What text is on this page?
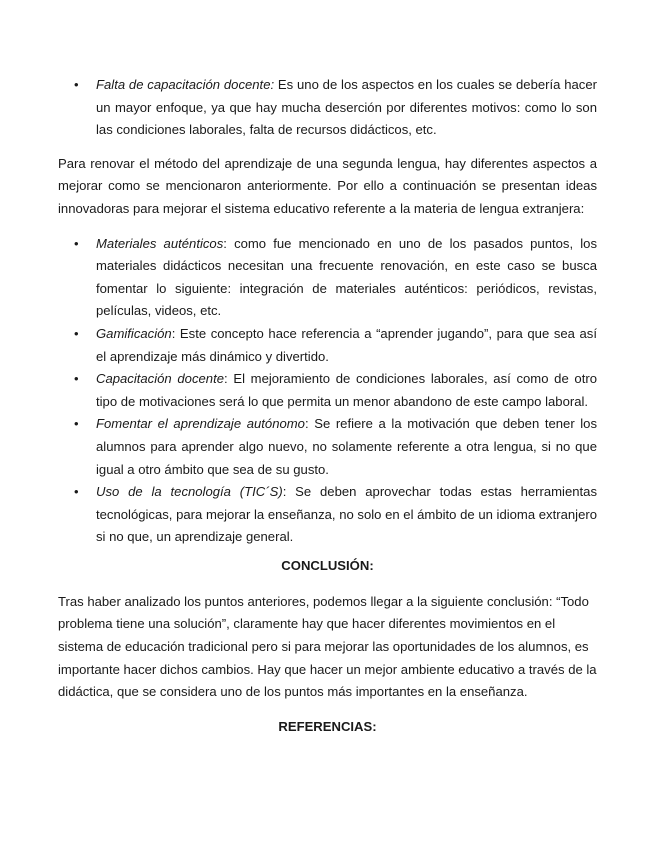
• Falta de capacitación docente: Es uno de los aspectos en los cuales se debería hacer un mayor enfoque, ya que hay mucha deserción por diferentes motivos: como lo son las condiciones laborales, falta de recursos didácticos, etc.

Para renovar el método del aprendizaje de una segunda lengua, hay diferentes aspectos a mejorar como se mencionaron anteriormente. Por ello a continuación se presentan ideas innovadoras para mejorar el sistema educativo referente a la materia de lengua extranjera:

• Materiales auténticos: como fue mencionado en uno de los pasados puntos, los materiales didácticos necesitan una frecuente renovación, en este caso se busca fomentar lo siguiente: integración de materiales auténticos: periódicos, revistas, películas, videos, etc.
• Gamificación: Este concepto hace referencia a “aprender jugando”, para que sea así el aprendizaje más dinámico y divertido.
• Capacitación docente: El mejoramiento de condiciones laborales, así como de otro tipo de motivaciones será lo que permita un menor abandono de este campo laboral.
• Fomentar el aprendizaje autónomo: Se refiere a la motivación que deben tener los alumnos para aprender algo nuevo, no solamente referente a otra lengua, si no que igual a otro ámbito que sea de su gusto.
• Uso de la tecnología (TIC´S): Se deben aprovechar todas estas herramientas tecnológicas, para mejorar la enseñanza, no solo en el ámbito de un idioma extranjero si no que, un aprendizaje general.
CONCLUSIÓN:

Tras haber analizado los puntos anteriores, podemos llegar a la siguiente conclusión: “Todo problema tiene una solución”, claramente hay que hacer diferentes movimientos en el sistema de educación tradicional pero si para mejorar las oportunidades de los alumnos, es importante hacer dichos cambios. Hay que hacer un mejor ambiente educativo a través de la didáctica, que se considera uno de los puntos más importantes en la enseñanza.

REFERENCIAS:
